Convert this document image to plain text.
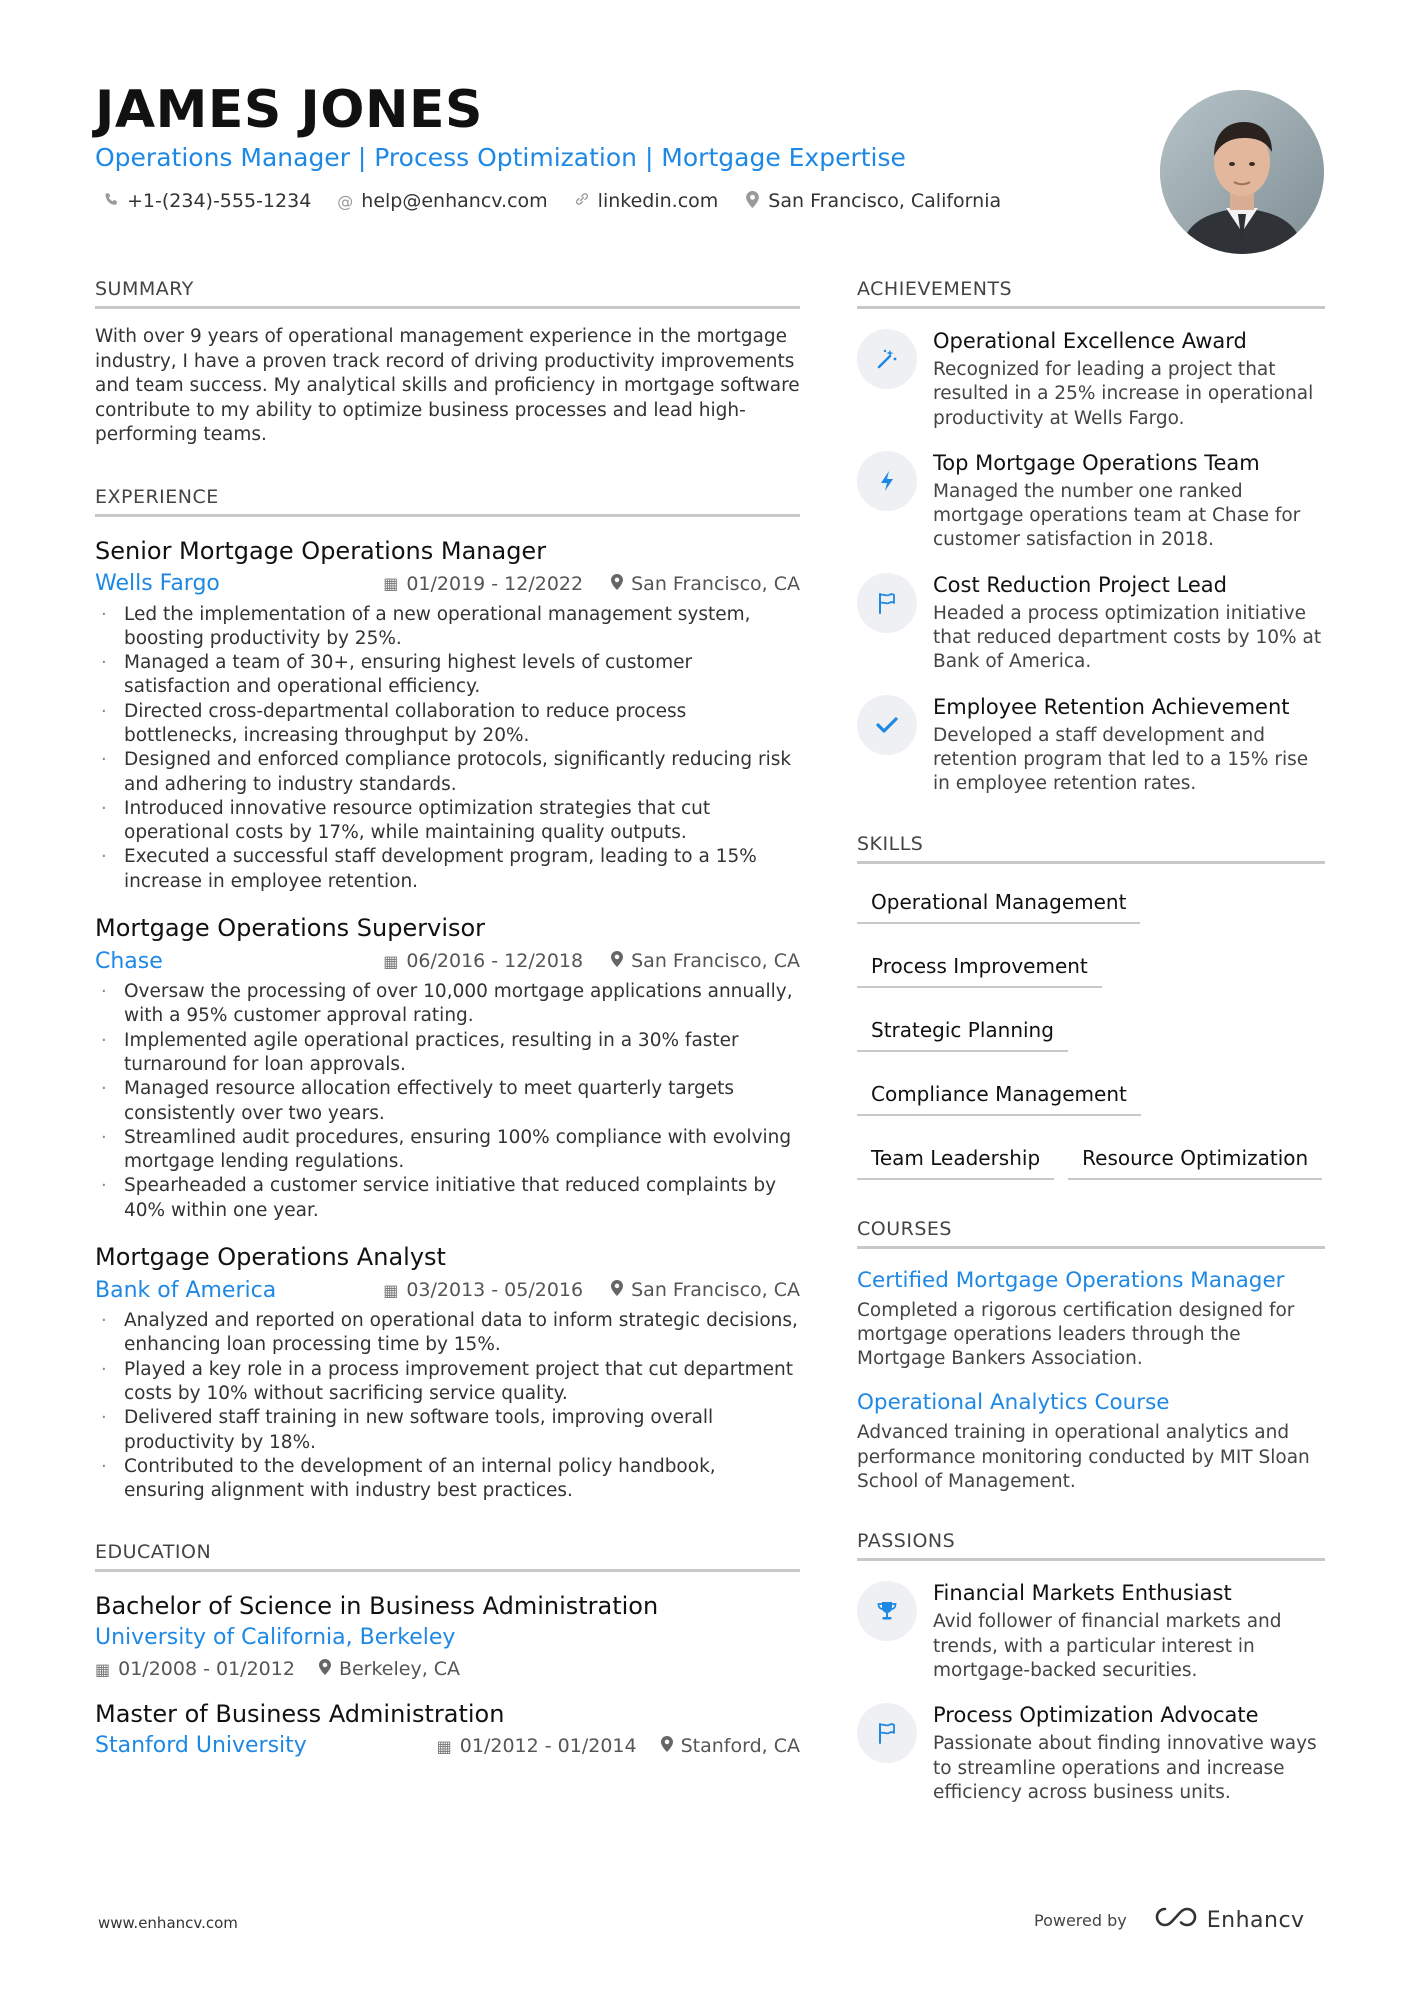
JAMES JONES
Operations Manager | Process Optimization | Mortgage Expertise
+1-(234)-555-1234 @ help@enhancv.com	linkedin.com	San Francisco, California
SUMMARY
With over 9 years of operational management experience in the mortgage industry, I have a proven track record of driving productivity improvements and team success. My analytical skills and proficiency in mortgage software contribute to my ability to optimize business processes and lead high-performing teams.
EXPERIENCE
Senior Mortgage Operations Manager
Wells Fargo	▦ 01/2019 - 12/2022	San Francisco, CA
· Led the implementation of a new operational management system, boosting productivity by 25%.
· Managed a team of 30+, ensuring highest levels of customer satisfaction and operational efficiency.
· Directed cross-departmental collaboration to reduce process bottlenecks, increasing throughput by 20%.
· Designed and enforced compliance protocols, significantly reducing risk and adhering to industry standards.
· Introduced innovative resource optimization strategies that cut operational costs by 17%, while maintaining quality outputs.
· Executed a successful staff development program, leading to a 15% increase in employee retention.
Mortgage Operations Supervisor
Chase	▦ 06/2016 - 12/2018	San Francisco, CA
· Oversaw the processing of over 10,000 mortgage applications annually, with a 95% customer approval rating.
· Implemented agile operational practices, resulting in a 30% faster turnaround for loan approvals.
· Managed resource allocation effectively to meet quarterly targets consistently over two years.
· Streamlined audit procedures, ensuring 100% compliance with evolving mortgage lending regulations.
· Spearheaded a customer service initiative that reduced complaints by 40% within one year.
Mortgage Operations Analyst
Bank of America	▦ 03/2013 - 05/2016	San Francisco, CA
· Analyzed and reported on operational data to inform strategic decisions, enhancing loan processing time by 15%.
· Played a key role in a process improvement project that cut department costs by 10% without sacrificing service quality.
· Delivered staff training in new software tools, improving overall productivity by 18%.
· Contributed to the development of an internal policy handbook, ensuring alignment with industry best practices.
EDUCATION
Bachelor of Science in Business Administration
University of California, Berkeley
▦ 01/2008 - 01/2012 Berkeley, CA
Master of Business Administration
Stanford University	▦ 01/2012 - 01/2014 Stanford, CA
ACHIEVEMENTS
Operational Excellence Award
Recognized for leading a project that resulted in a 25% increase in operational productivity at Wells Fargo.
Top Mortgage Operations Team
Managed the number one ranked mortgage operations team at Chase for customer satisfaction in 2018.
Cost Reduction Project Lead
Headed a process optimization initiative that reduced department costs by 10% at Bank of America.
Employee Retention Achievement
Developed a staff development and retention program that led to a 15% rise in employee retention rates.
SKILLS
Operational Management
Process Improvement
Strategic Planning
Compliance Management
Team Leadership	Resource Optimization
COURSES
Certified Mortgage Operations Manager
Completed a rigorous certification designed for mortgage operations leaders through the Mortgage Bankers Association.
Operational Analytics Course
Advanced training in operational analytics and performance monitoring conducted by MIT Sloan School of Management.
PASSIONS
Financial Markets Enthusiast
Avid follower of financial markets and trends, with a particular interest in mortgage-backed securities.
Process Optimization Advocate
Passionate about finding innovative ways to streamline operations and increase efficiency across business units.
www.enhancv.com	Powered by	Enhancv
